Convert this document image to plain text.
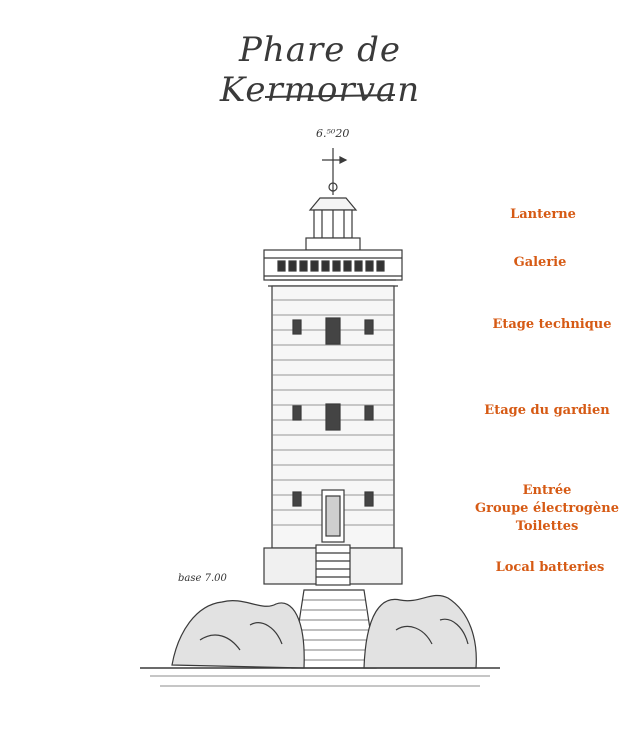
Phare de Kermorvan
6.⁵⁰20
base 7.00
Lanterne
Galerie
Etage technique
Etage du gardien
Entrée
Groupe électrogène
Toilettes
Local batteries
